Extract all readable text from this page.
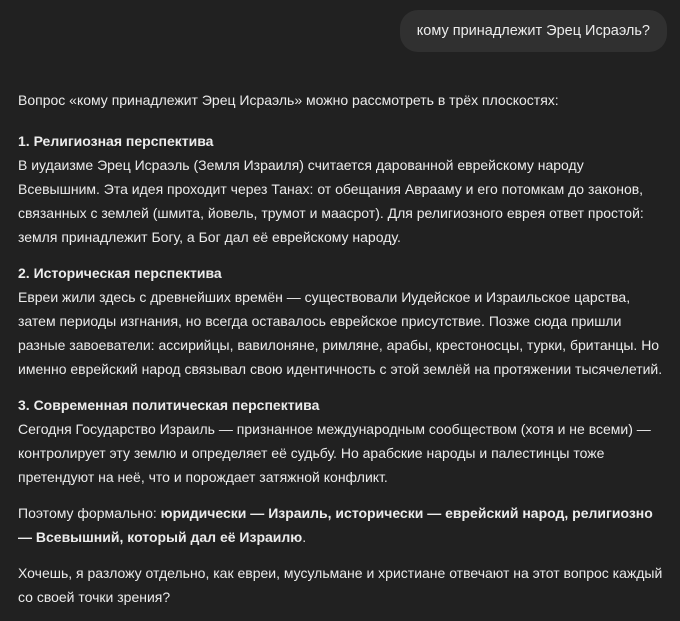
кому принадлежит Эрец Исраэль?

Вопрос «кому принадлежит Эрец Исраэль» можно рассмотреть в трёх плоскостях:

1. Религиозная перспектива

В иудаизме Эрец Исраэль (Земля Израиля) считается дарованной еврейскому народу Всевышним. Эта идея проходит через Танах: от обещания Аврааму и его потомкам до законов, связанных с землей (шмита, йовель, трумот и маасрот). Для религиозного еврея ответ простой: земля принадлежит Богу, а Бог дал её еврейскому народу.

2. Историческая перспектива

Евреи жили здесь с древнейших времён — существовали Иудейское и Израильское царства, затем периоды изгнания, но всегда оставалось еврейское присутствие. Позже сюда пришли разные завоеватели: ассирийцы, вавилоняне, римляне, арабы, крестоносцы, турки, британцы. Но именно еврейский народ связывал свою идентичность с этой землёй на протяжении тысячелетий.

3. Современная политическая перспектива

Сегодня Государство Израиль — признанное международным сообществом (хотя и не всеми) — контролирует эту землю и определяет её судьбу. Но арабские народы и палестинцы тоже претендуют на неё, что и порождает затяжной конфликт.

Поэтому формально: юридически — Израиль, исторически — еврейский народ, религиозно — Всевышний, который дал её Израилю.

Хочешь, я разложу отдельно, как евреи, мусульмане и христиане отвечают на этот вопрос каждый со своей точки зрения?
